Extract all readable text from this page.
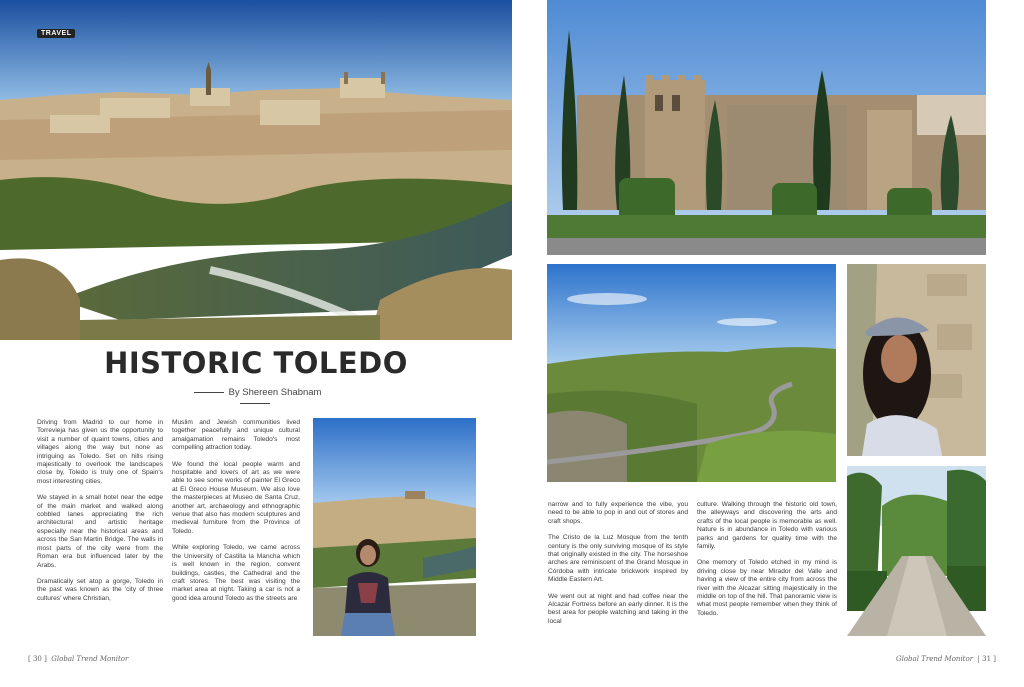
TRAVEL
HISTORIC TOLEDO
By Shereen Shabnam

Driving from Madrid to our home in Torrevieja has given us the opportunity to visit a number of quaint towns, cities and villages along the way but none as intriguing as Toledo. Set on hills rising majestically to overlook the landscapes close by, Toledo is truly one of Spain's most interesting cities.

We stayed in a small hotel near the edge of the main market and walked along cobbled lanes appreciating the rich architectural and artistic heritage especially near the historical areas and across the San Martin Bridge. The walls in most parts of the city were from the Roman era but influenced later by the Arabs.

Dramatically set atop a gorge, Toledo in the past was known as the 'city of three cultures' where Christian,

Muslim and Jewish communities lived together peacefully and unique cultural amalgamation remains Toledo's most compelling attraction today.

We found the local people warm and hospitable and lovers of art as we were able to see some works of painter El Greco at El Greco House Museum. We also love the masterpieces at Museo de Santa Cruz, another art, archaeology and ethnographic venue that also has modern sculptures and medieval furniture from the Province of Toledo.

While exploring Toledo, we came across the University of Castilla la Mancha which is well known in the region, convent buildings, castles, the Cathedral and the craft stores. The best was visiting the market area at night. Taking a car is not a good idea around Toledo as the streets are

[ 30 ]  Global Trend Monitor

narrow and to fully experience the vibe, you need to be able to pop in and out of stores and craft shops.

The Cristo de la Luz Mosque from the tenth century is the only surviving mosque of its style that originally existed in the city. The horseshoe arches are reminiscent of the Grand Mosque in Córdoba with intricate brickwork inspired by Middle Eastern Art.

We went out at night and had coffee near the Alcazar Fortress before an early dinner. It is the best area for people watching and taking in the local

culture. Walking through the historic old town, the alleyways and discovering the arts and crafts of the local people is memorable as well. Nature is in abundance in Toledo with various parks and gardens for quality time with the family.

One memory of Toledo etched in my mind is driving close by near Mirador del Valle and having a view of the entire city from across the river with the Alcazar sitting majestically in the middle on top of the hill. That panoramic view is what most people remember when they think of Toledo.

Global Trend Monitor  | 31 ]
